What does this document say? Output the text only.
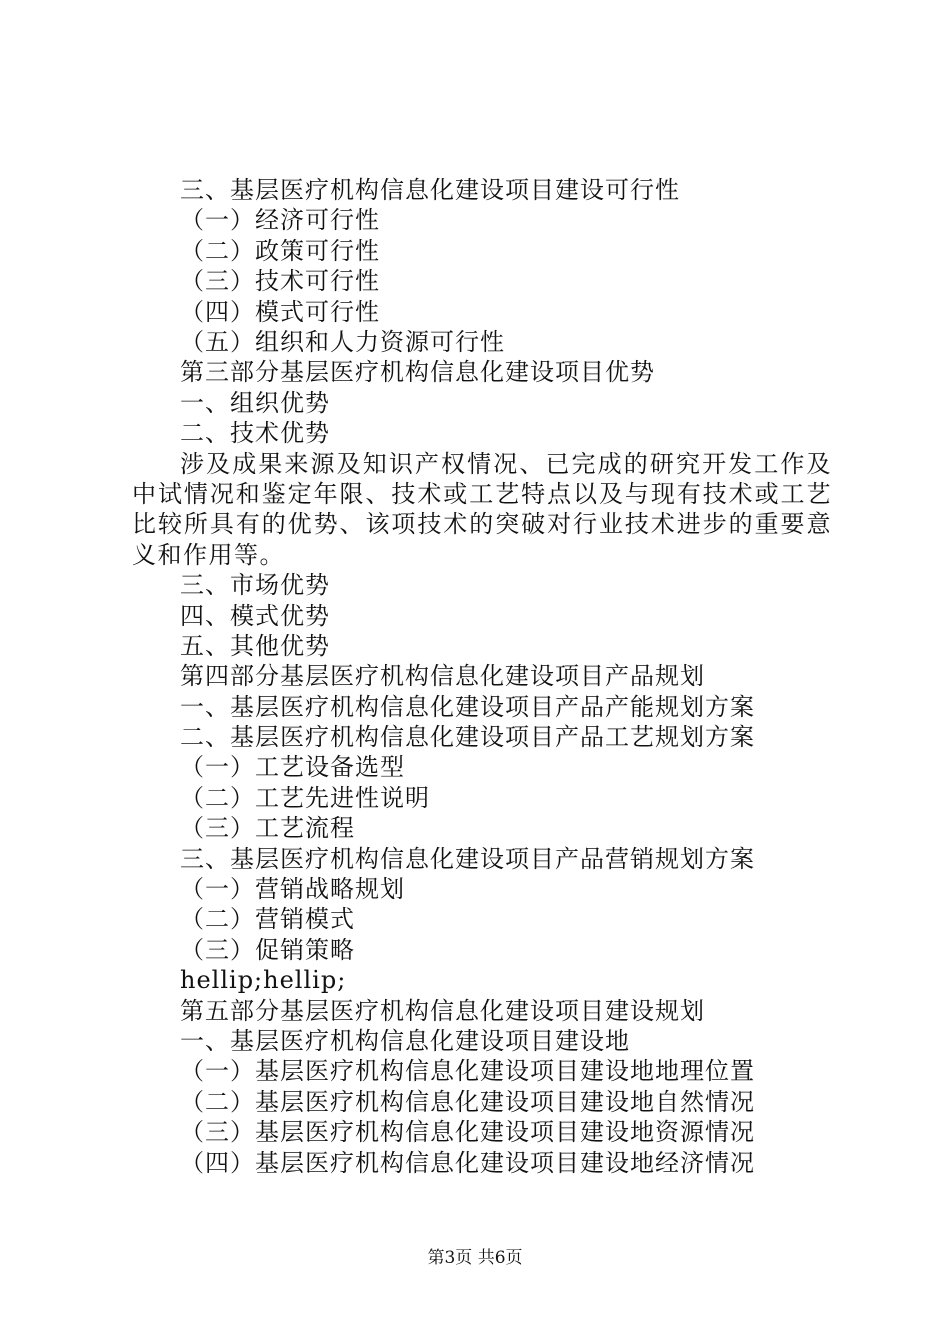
三、基层医疗机构信息化建设项目建设可行性
（一）经济可行性
（二）政策可行性
（三）技术可行性
（四）模式可行性
（五）组织和人力资源可行性
第三部分基层医疗机构信息化建设项目优势
一、组织优势
二、技术优势
涉及成果来源及知识产权情况、已完成的研究开发工作及中试情况和鉴定年限、技术或工艺特点以及与现有技术或工艺比较所具有的优势、该项技术的突破对行业技术进步的重要意义和作用等。
三、市场优势
四、模式优势
五、其他优势
第四部分基层医疗机构信息化建设项目产品规划
一、基层医疗机构信息化建设项目产品产能规划方案
二、基层医疗机构信息化建设项目产品工艺规划方案
（一）工艺设备选型
（二）工艺先进性说明
（三）工艺流程
三、基层医疗机构信息化建设项目产品营销规划方案
（一）营销战略规划
（二）营销模式
（三）促销策略
hellip;hellip;
第五部分基层医疗机构信息化建设项目建设规划
一、基层医疗机构信息化建设项目建设地
（一）基层医疗机构信息化建设项目建设地地理位置
（二）基层医疗机构信息化建设项目建设地自然情况
（三）基层医疗机构信息化建设项目建设地资源情况
（四）基层医疗机构信息化建设项目建设地经济情况
第3页 共6页
